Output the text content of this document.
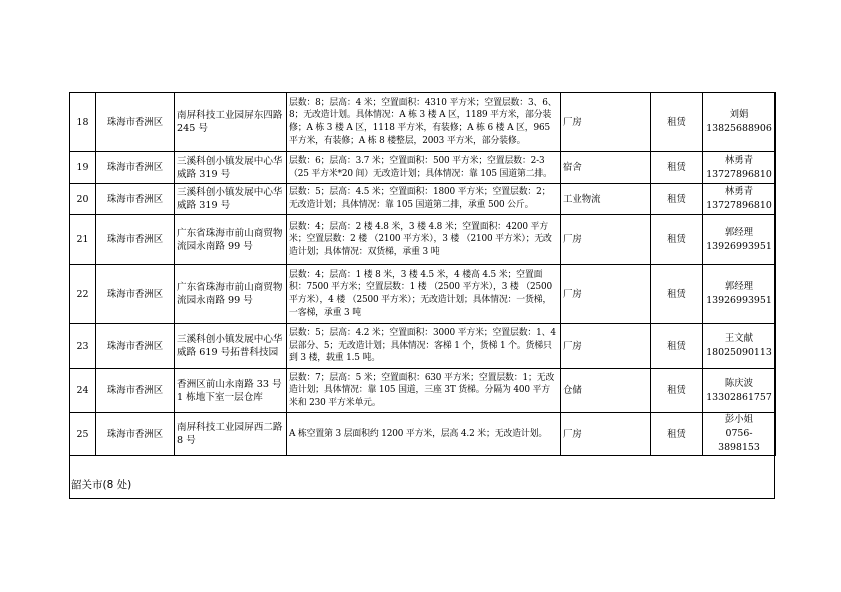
18	珠海市香洲区	南屏科技工业园屏东四路 245 号	层数：8；层高：4 米；空置面积：4310 平方米；空置层数：3、6、8；无改造计划。具体情况：A 栋 3 楼 A 区，1189 平方米，部分装修；A 栋 3 楼 A 区，1118 平方米，有装修；A 栋 6 楼 A 区，965 平方米，有装修；A 栋 8 楼整层，2003 平方米，部分装修。	厂房	租赁	刘娟
13825688906

19	珠海市香洲区	三溪科创小镇发展中心华威路 319 号	层数：6；层高：3.7 米；空置面积：500 平方米；空置层数：2-3（25 平方米*20 间）无改造计划；具体情况：靠 105 国道第二排。	宿舍	租赁	林勇青
13727896810

20	珠海市香洲区	三溪科创小镇发展中心华威路 319 号	层数：5；层高：4.5 米；空置面积：1800 平方米；空置层数：2；无改造计划；具体情况：靠 105 国道第二排，承重 500 公斤。	工业物流	租赁	林勇青
13727896810

21	珠海市香洲区	广东省珠海市前山商贸物流园永南路 99 号	层数：4；层高：2 楼 4.8 米，3 楼 4.8 米；空置面积：4200 平方米；空置层数：2 楼 （2100 平方米），3 楼 （2100 平方米）；无改造计划；具体情况：双货梯，承重 3 吨	厂房	租赁	郭经理
13926993951

22	珠海市香洲区	广东省珠海市前山商贸物流园永南路 99 号	层数：4；层高：1 楼 8 米，3 楼 4.5 米，4 楼高 4.5 米；空置面积：7500 平方米；空置层数：1 楼 （2500 平方米），3 楼 （2500 平方米），4 楼 （2500 平方米）；无改造计划；具体情况：一货梯，一客梯，承重 3 吨	厂房	租赁	郭经理
13926993951

23	珠海市香洲区	三溪科创小镇发展中心华威路 619 号拓普科技园	层数：5；层高：4.2 米；空置面积：3000 平方米；空置层数：1、4层部分、5；无改造计划；具体情况：客梯 1 个，货梯 1 个。货梯只到 3 楼，载重 1.5 吨。	厂房	租赁	王文献
18025090113

24	珠海市香洲区	香洲区前山永南路 33 号 1 栋地下室一层仓库	层数：7；层高：5 米；空置面积：630 平方米；空置层数：1；无改造计划；具体情况：靠 105 国道，三座 3T 货梯。分隔为 400 平方米和 230 平方米单元。	仓储	租赁	陈庆波
13302861757

25	珠海市香洲区	南屏科技工业园屏西二路 8 号	A 栋空置第 3 层面积约 1200 平方米，层高 4.2 米；无改造计划。	厂房	租赁	彭小姐
0756-3898153
韶关市(8 处)
